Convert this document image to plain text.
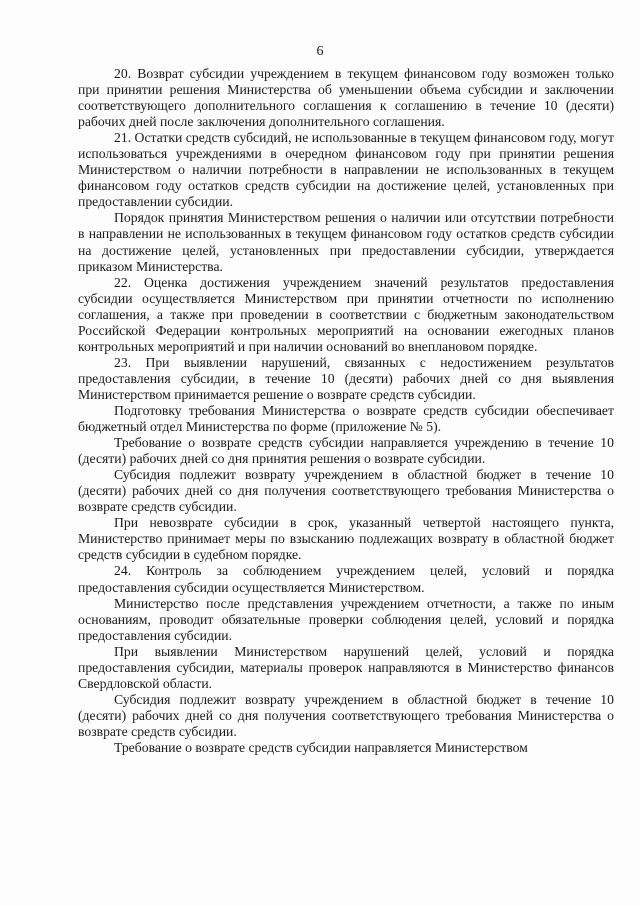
6

20. Возврат субсидии учреждением в текущем финансовом году возможен только при принятии решения Министерства об уменьшении объема субсидии и заключении соответствующего дополнительного соглашения к соглашению в течение 10 (десяти) рабочих дней после заключения дополнительного соглашения.

21. Остатки средств субсидий, не использованные в текущем финансовом году, могут использоваться учреждениями в очередном финансовом году при принятии решения Министерством о наличии потребности в направлении не использованных в текущем финансовом году остатков средств субсидии на достижение целей, установленных при предоставлении субсидии.

Порядок принятия Министерством решения о наличии или отсутствии потребности в направлении не использованных в текущем финансовом году остатков средств субсидии на достижение целей, установленных при предоставлении субсидии, утверждается приказом Министерства.

22. Оценка достижения учреждением значений результатов предоставления субсидии осуществляется Министерством при принятии отчетности по исполнению соглашения, а также при проведении в соответствии с бюджетным законодательством Российской Федерации контрольных мероприятий на основании ежегодных планов контрольных мероприятий и при наличии оснований во внеплановом порядке.

23. При выявлении нарушений, связанных с недостижением результатов предоставления субсидии, в течение 10 (десяти) рабочих дней со дня выявления Министерством принимается решение о возврате средств субсидии.

Подготовку требования Министерства о возврате средств субсидии обеспечивает бюджетный отдел Министерства по форме (приложение № 5).

Требование о возврате средств субсидии направляется учреждению в течение 10 (десяти) рабочих дней со дня принятия решения о возврате субсидии.

Субсидия подлежит возврату учреждением в областной бюджет в течение 10 (десяти) рабочих дней со дня получения соответствующего требования Министерства о возврате средств субсидии.

При невозврате субсидии в срок, указанный четвертой настоящего пункта, Министерство принимает меры по взысканию подлежащих возврату в областной бюджет средств субсидии в судебном порядке.

24. Контроль за соблюдением учреждением целей, условий и порядка предоставления субсидии осуществляется Министерством.

Министерство после представления учреждением отчетности, а также по иным основаниям, проводит обязательные проверки соблюдения целей, условий и порядка предоставления субсидии.

При выявлении Министерством нарушений целей, условий и порядка предоставления субсидии, материалы проверок направляются в Министерство финансов Свердловской области.

Субсидия подлежит возврату учреждением в областной бюджет в течение 10 (десяти) рабочих дней со дня получения соответствующего требования Министерства о возврате средств субсидии.

Требование о возврате средств субсидии направляется Министерством
